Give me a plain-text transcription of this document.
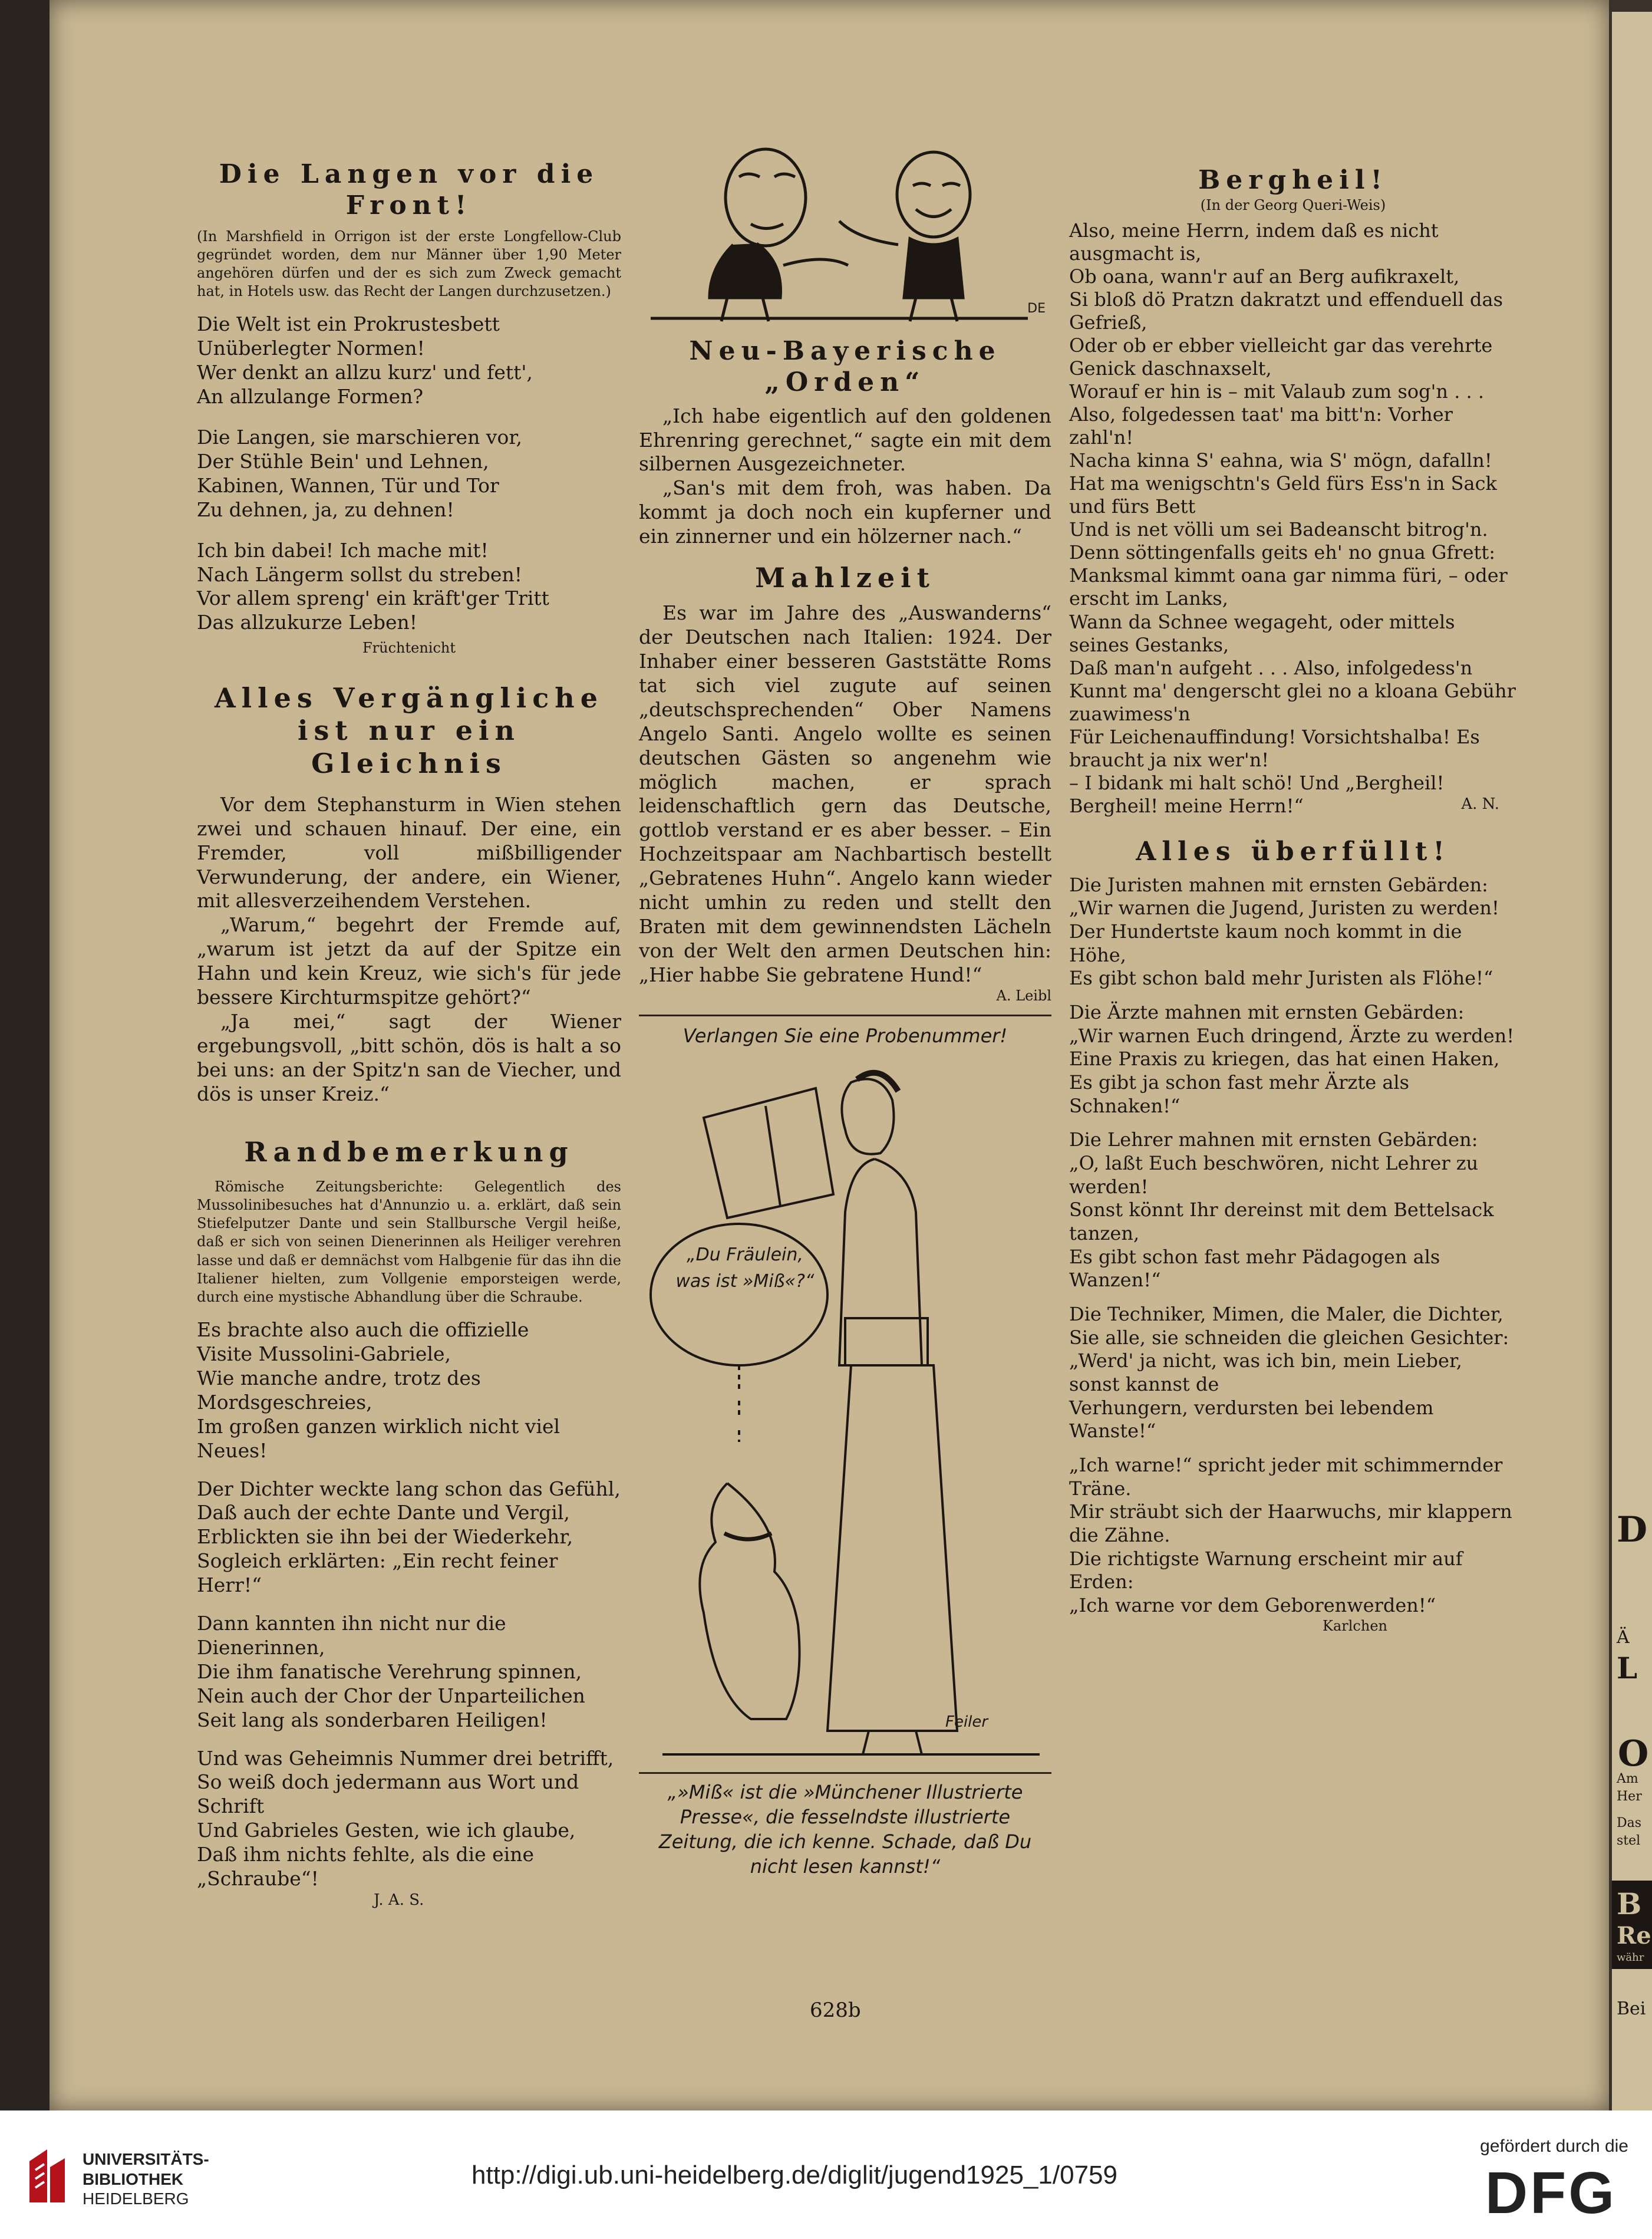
Die Langen vor die Front!

(In Marshfield in Orrigon ist der erste Longfellow-Club gegründet worden, dem nur Männer über 1,90 Meter angehören dürfen und der es sich zum Zweck gemacht hat, in Hotels usw. das Recht der Langen durchzusetzen.)

Die Welt ist ein Prokrustesbett
Unüberlegter Normen!
Wer denkt an allzu kurz' und fett',
An allzulange Formen?

Die Langen, sie marschieren vor,
Der Stühle Bein' und Lehnen,
Kabinen, Wannen, Tür und Tor
Zu dehnen, ja, zu dehnen!

Ich bin dabei! Ich mache mit!
Nach Längerm sollst du streben!
Vor allem spreng' ein kräft'ger Tritt
Das allzukurze Leben!

Früchtenicht
Alles Vergängliche
ist nur ein Gleichnis

Vor dem Stephansturm in Wien stehen zwei und schauen hinauf. Der eine, ein Fremder, voll mißbilligender Verwunderung, der andere, ein Wiener, mit allesverzeihendem Verstehen.

„Warum,“ begehrt der Fremde auf, „warum ist jetzt da auf der Spitze ein Hahn und kein Kreuz, wie sich's für jede bessere Kirchturmspitze gehört?“

„Ja mei,“ sagt der Wiener ergebungsvoll, „bitt schön, dös is halt a so bei uns: an der Spitz'n san de Viecher, und dös is unser Kreiz.“

Randbemerkung

Römische Zeitungsberichte: Gelegentlich des Mussolinibesuches hat d'Annunzio u. a. erklärt, daß sein Stiefelputzer Dante und sein Stallbursche Vergil heiße, daß er sich von seinen Dienerinnen als Heiliger verehren lasse und daß er demnächst vom Halbgenie für das ihn die Italiener hielten, zum Vollgenie emporsteigen werde, durch eine mystische Abhandlung über die Schraube.

Es brachte also auch die offizielle
Visite Mussolini-Gabriele,
Wie manche andre, trotz des Mordsgeschreies,
Im großen ganzen wirklich nicht viel Neues!

Der Dichter weckte lang schon das Gefühl,
Daß auch der echte Dante und Vergil,
Erblickten sie ihn bei der Wiederkehr,
Sogleich erklärten: „Ein recht feiner Herr!“

Dann kannten ihn nicht nur die Dienerinnen,
Die ihm fanatische Verehrung spinnen,
Nein auch der Chor der Unparteilichen
Seit lang als sonderbaren Heiligen!

Und was Geheimnis Nummer drei betrifft,
So weiß doch jedermann aus Wort und Schrift
Und Gabrieles Gesten, wie ich glaube,
Daß ihm nichts fehlte, als die eine „Schraube“!

J. A. S.
DE
Neu-Bayerische „Orden“

„Ich habe eigentlich auf den goldenen Ehrenring gerechnet,“ sagte ein mit dem silbernen Ausgezeichneter.

„San's mit dem froh, was haben. Da kommt ja doch noch ein kupferner und ein zinnerner und ein hölzerner nach.“

Mahlzeit

Es war im Jahre des „Auswanderns“ der Deutschen nach Italien: 1924. Der Inhaber einer besseren Gaststätte Roms tat sich viel zugute auf seinen „deutschsprechenden“ Ober Namens Angelo Santi. Angelo wollte es seinen deutschen Gästen so angenehm wie möglich machen, er sprach leidenschaftlich gern das Deutsche, gottlob verstand er es aber besser. – Ein Hochzeitspaar am Nachbartisch bestellt „Gebratenes Huhn“. Angelo kann wieder nicht umhin zu reden und stellt den Braten mit dem gewinnendsten Lächeln von der Welt den armen Deutschen hin: „Hier habbe Sie gebratene Hund!“

A. Leibl
Verlangen Sie eine Probenummer!
„Du Fräulein, was ist »Miß«?“
Feiler
„»Miß« ist die »Münchener Illustrierte Presse«, die fesselndste illustrierte Zeitung, die ich kenne. Schade, daß Du nicht lesen kannst!“
Bergheil!
(In der Georg Queri-Weis)

Also, meine Herrn, indem daß es nicht ausgmacht is,
Ob oana, wann'r auf an Berg aufikraxelt,
Si bloß dö Pratzn dakratzt und effenduell das Gefrieß,
Oder ob er ebber vielleicht gar das verehrte Genick daschnaxselt,
Worauf er hin is – mit Valaub zum sog'n . . .
Also, folgedessen taat' ma bitt'n: Vorher zahl'n!
Nacha kinna S' eahna, wia S' mögn, dafalln!
Hat ma wenigschtn's Geld fürs Ess'n in Sack und fürs Bett
Und is net völli um sei Badeanscht bitrog'n.
Denn söttingenfalls geits eh' no gnua Gfrett:
Manksmal kimmt oana gar nimma füri, – oder erscht im Lanks,
Wann da Schnee wegageht, oder mittels seines Gestanks,
Daß man'n aufgeht . . . Also, infolgedess'n
Kunnt ma' dengerscht glei no a kloana Gebühr zuawimess'n
Für Leichenauffindung! Vorsichtshalba! Es braucht ja nix wer'n!
– I bidank mi halt schö! Und „Bergheil! Bergheil! meine Herrn!“	A. N.
Alles überfüllt!

Die Juristen mahnen mit ernsten Gebärden:
„Wir warnen die Jugend, Juristen zu werden!
Der Hundertste kaum noch kommt in die Höhe,
Es gibt schon bald mehr Juristen als Flöhe!“

Die Ärzte mahnen mit ernsten Gebärden:
„Wir warnen Euch dringend, Ärzte zu werden!
Eine Praxis zu kriegen, das hat einen Haken,
Es gibt ja schon fast mehr Ärzte als Schnaken!“

Die Lehrer mahnen mit ernsten Gebärden:
„O, laßt Euch beschwören, nicht Lehrer zu werden!
Sonst könnt Ihr dereinst mit dem Bettelsack tanzen,
Es gibt schon fast mehr Pädagogen als Wanzen!“

Die Techniker, Mimen, die Maler, die Dichter,
Sie alle, sie schneiden die gleichen Gesichter:
„Werd' ja nicht, was ich bin, mein Lieber, sonst kannst de
Verhungern, verdursten bei lebendem Wanste!“

„Ich warne!“ spricht jeder mit schimmernder Träne.
Mir sträubt sich der Haarwuchs, mir klappern die Zähne.
Die richtigste Warnung erscheint mir auf Erden:
„Ich warne vor dem Geborenwerden!“

Karlchen
628b
D
Ä
L
O
Am
Her
Das
stel
B
Re
währ
Bei
UNIVERSITÄTS-
BIBLIOTHEK
HEIDELBERG
http://digi.ub.uni-heidelberg.de/diglit/jugend1925_1/0759
gefördert durch die
DFG
